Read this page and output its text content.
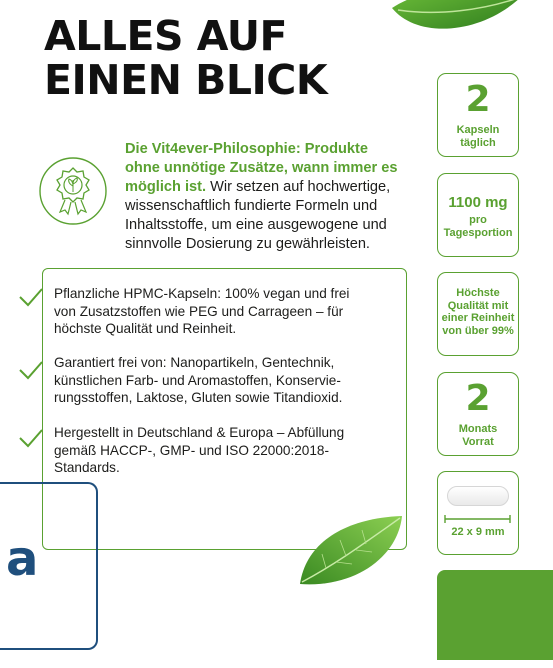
ALLES AUF
EINEN BLICK

Die Vit4ever-Philosophie: Produkte ohne unnötige Zusätze, wann immer es möglich ist. Wir setzen auf hochwertige, wissenschaftlich fundierte Formeln und Inhaltsstoffe, um eine ausgewogene und sinnvolle Dosierung zu gewährleisten.

Pflanzliche HPMC-Kapseln: 100% vegan und frei von Zusatzstoffen wie PEG und Carrageen – für höchste Qualität und Reinheit.

Garantiert frei von: Nanopartikeln, Gentechnik, künstlichen Farb- und Aromastoffen, Konservie-rungsstoffen, Laktose, Gluten sowie Titandioxid.

Hergestellt in Deutschland & Europa – Abfüllung gemäß HACCP-, GMP- und ISO 22000:2018-Standards.

a
2
Kapseln
täglich
1100 mg
pro
Tagesportion
Höchste
Qualität mit
einer Reinheit
von über 99%
2
Monats
Vorrat
22 x 9 mm
